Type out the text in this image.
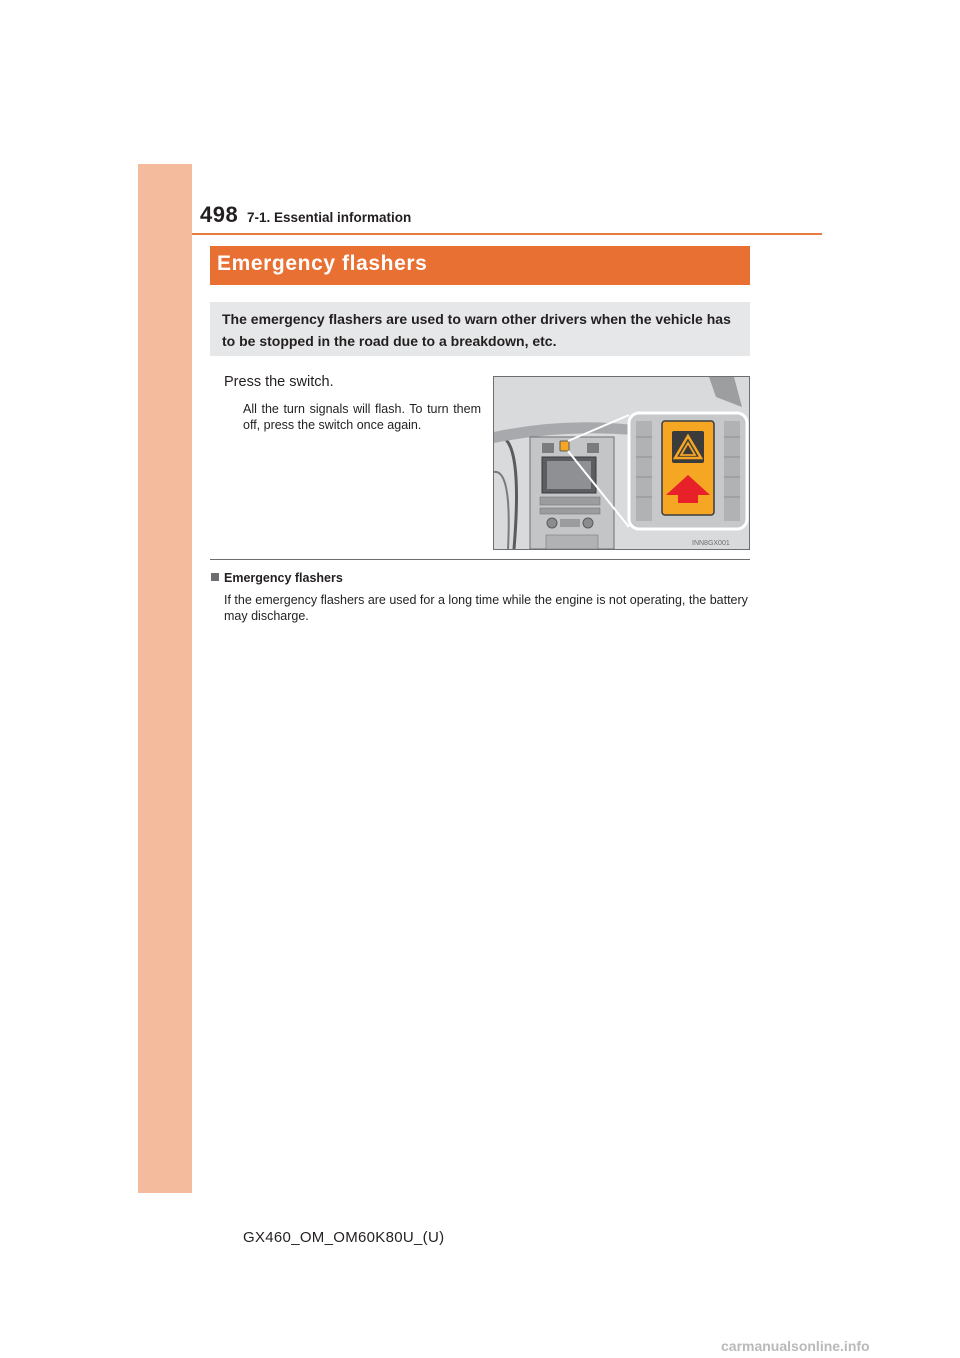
498 7-1. Essential information
Emergency flashers

The emergency flashers are used to warn other drivers when the vehicle has to be stopped in the road due to a breakdown, etc.

Press the switch.

All the turn signals will flash. To turn them off, press the switch once again.

INN8GX001
Emergency flashers

If the emergency flashers are used for a long time while the engine is not operating, the battery may discharge.

GX460_OM_OM60K80U_(U)
carmanualsonline.info
